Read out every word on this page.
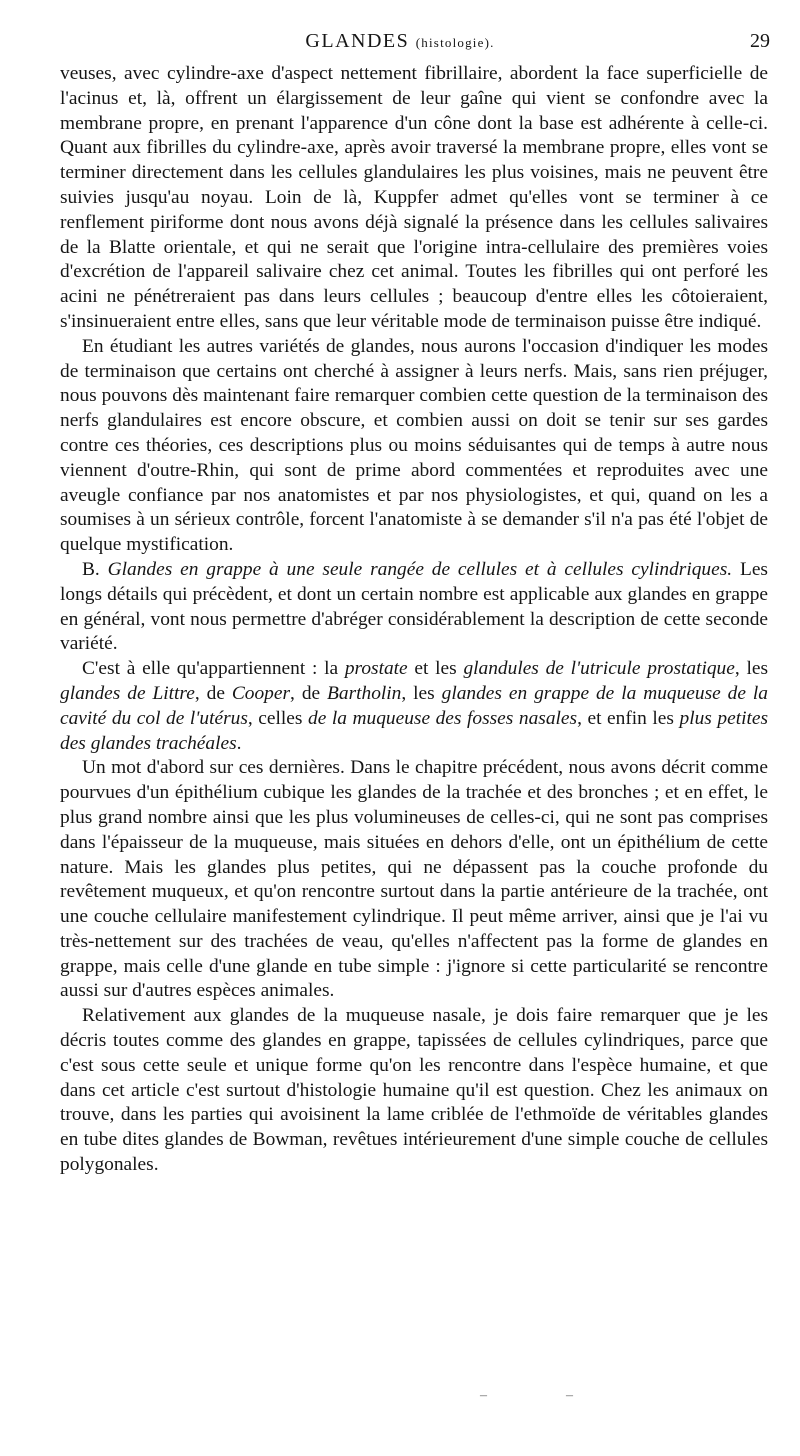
GLANDES (histologie).	29

veuses, avec cylindre-axe d'aspect nettement fibrillaire, abordent la face superficielle de l'acinus et, là, offrent un élargissement de leur gaîne qui vient se confondre avec la membrane propre, en prenant l'apparence d'un cône dont la base est adhérente à celle-ci. Quant aux fibrilles du cylindre-axe, après avoir traversé la membrane propre, elles vont se terminer directement dans les cellules glandulaires les plus voisines, mais ne peuvent être suivies jusqu'au noyau. Loin de là, Kuppfer admet qu'elles vont se terminer à ce renflement piriforme dont nous avons déjà signalé la présence dans les cellules salivaires de la Blatte orientale, et qui ne serait que l'origine intra-cellulaire des premières voies d'excrétion de l'appareil salivaire chez cet animal. Toutes les fibrilles qui ont perforé les acini ne pénétreraient pas dans leurs cellules ; beaucoup d'entre elles les côtoieraient, s'insinueraient entre elles, sans que leur véritable mode de terminaison puisse être indiqué.

En étudiant les autres variétés de glandes, nous aurons l'occasion d'indiquer les modes de terminaison que certains ont cherché à assigner à leurs nerfs. Mais, sans rien préjuger, nous pouvons dès maintenant faire remarquer combien cette question de la terminaison des nerfs glandulaires est encore obscure, et combien aussi on doit se tenir sur ses gardes contre ces théories, ces descriptions plus ou moins séduisantes qui de temps à autre nous viennent d'outre-Rhin, qui sont de prime abord commentées et reproduites avec une aveugle confiance par nos anatomistes et par nos physiologistes, et qui, quand on les a soumises à un sérieux contrôle, forcent l'anatomiste à se demander s'il n'a pas été l'objet de quelque mystification.

B. Glandes en grappe à une seule rangée de cellules et à cellules cylindriques. Les longs détails qui précèdent, et dont un certain nombre est applicable aux glandes en grappe en général, vont nous permettre d'abréger considérablement la description de cette seconde variété.

C'est à elle qu'appartiennent : la prostate et les glandules de l'utricule prostatique, les glandes de Littre, de Cooper, de Bartholin, les glandes en grappe de la muqueuse de la cavité du col de l'utérus, celles de la muqueuse des fosses nasales, et enfin les plus petites des glandes trachéales.

Un mot d'abord sur ces dernières. Dans le chapitre précédent, nous avons décrit comme pourvues d'un épithélium cubique les glandes de la trachée et des bronches ; et en effet, le plus grand nombre ainsi que les plus volumineuses de celles-ci, qui ne sont pas comprises dans l'épaisseur de la muqueuse, mais situées en dehors d'elle, ont un épithélium de cette nature. Mais les glandes plus petites, qui ne dépassent pas la couche profonde du revêtement muqueux, et qu'on rencontre surtout dans la partie antérieure de la trachée, ont une couche cellulaire manifestement cylindrique. Il peut même arriver, ainsi que je l'ai vu très-nettement sur des trachées de veau, qu'elles n'affectent pas la forme de glandes en grappe, mais celle d'une glande en tube simple : j'ignore si cette particularité se rencontre aussi sur d'autres espèces animales.

Relativement aux glandes de la muqueuse nasale, je dois faire remarquer que je les décris toutes comme des glandes en grappe, tapissées de cellules cylindriques, parce que c'est sous cette seule et unique forme qu'on les rencontre dans l'espèce humaine, et que dans cet article c'est surtout d'histologie humaine qu'il est question. Chez les animaux on trouve, dans les parties qui avoisinent la lame criblée de l'ethmoïde de véritables glandes en tube dites glandes de Bowman, revêtues intérieurement d'une simple couche de cellules polygonales.

–	–
